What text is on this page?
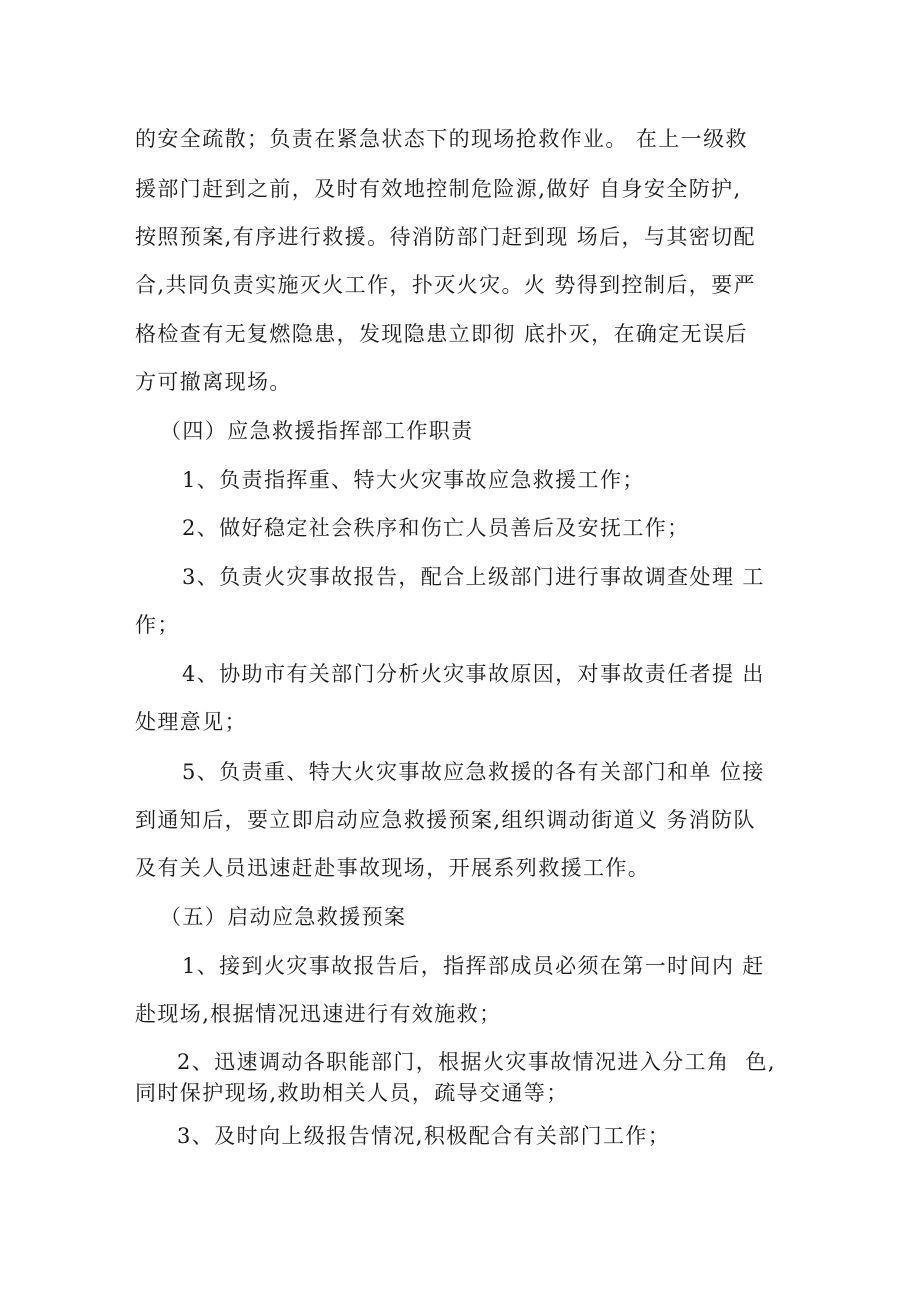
的安全疏散；负责在紧急状态下的现场抢救作业。 在上一级救
援部门赶到之前，及时有效地控制危险源,做好 自身安全防护,
按照预案,有序进行救援。待消防部门赶到现 场后，与其密切配
合,共同负责实施灭火工作，扑灭火灾。火 势得到控制后，要严
格检查有无复燃隐患，发现隐患立即彻 底扑灭，在确定无误后
方可撤离现场。
（四）应急救援指挥部工作职责
1、负责指挥重、特大火灾事故应急救援工作；
2、做好稳定社会秩序和伤亡人员善后及安抚工作；
3、负责火灾事故报告，配合上级部门进行事故调查处理 工
作；
4、协助市有关部门分析火灾事故原因，对事故责任者提 出
处理意见；
5、负责重、特大火灾事故应急救援的各有关部门和单 位接
到通知后，要立即启动应急救援预案,组织调动街道义 务消防队
及有关人员迅速赶赴事故现场，开展系列救援工作。
（五）启动应急救援预案
1、接到火灾事故报告后，指挥部成员必须在第一时间内 赶
赴现场,根据情况迅速进行有效施救；
2、迅速调动各职能部门，根据火灾事故情况进入分工角  色,
同时保护现场,救助相关人员，疏导交通等；
3、及时向上级报告情况,积极配合有关部门工作；
